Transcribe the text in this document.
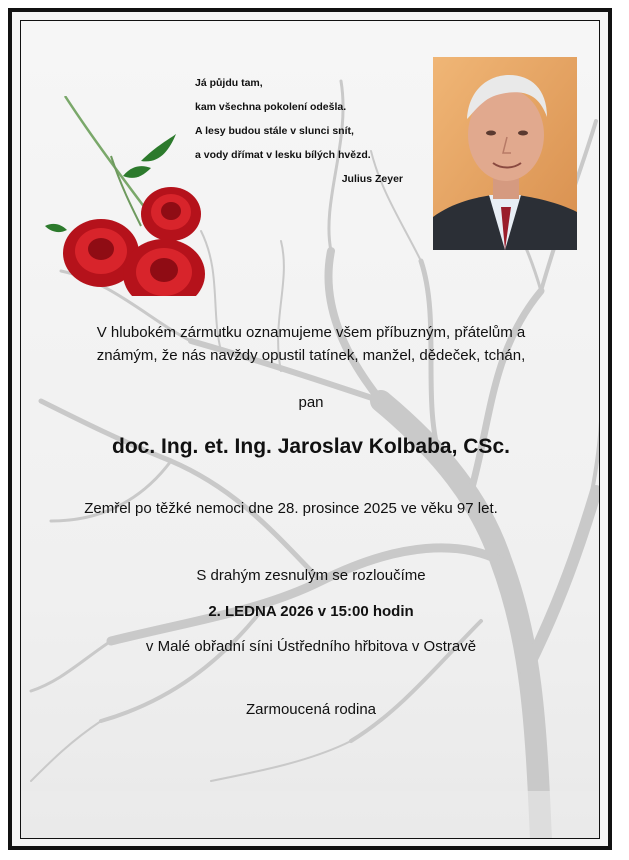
Já půjdu tam,
kam všechna pokolení odešla.
A lesy budou stále v slunci snít,
a vody dřímat v lesku bílých hvězd.
Julius Zeyer
V hlubokém zármutku oznamujeme všem příbuzným, přátelům a
známým, že nás navždy opustil tatínek, manžel, dědeček, tchán,
pan
doc. Ing. et. Ing. Jaroslav Kolbaba, CSc.
Zemřel po těžké nemoci dne 28. prosince 2025 ve věku 97 let.
S drahým zesnulým se rozloučíme
2. LEDNA 2026 v 15:00 hodin
v Malé obřadní síni Ústředního hřbitova v Ostravě
Zarmoucená rodina
